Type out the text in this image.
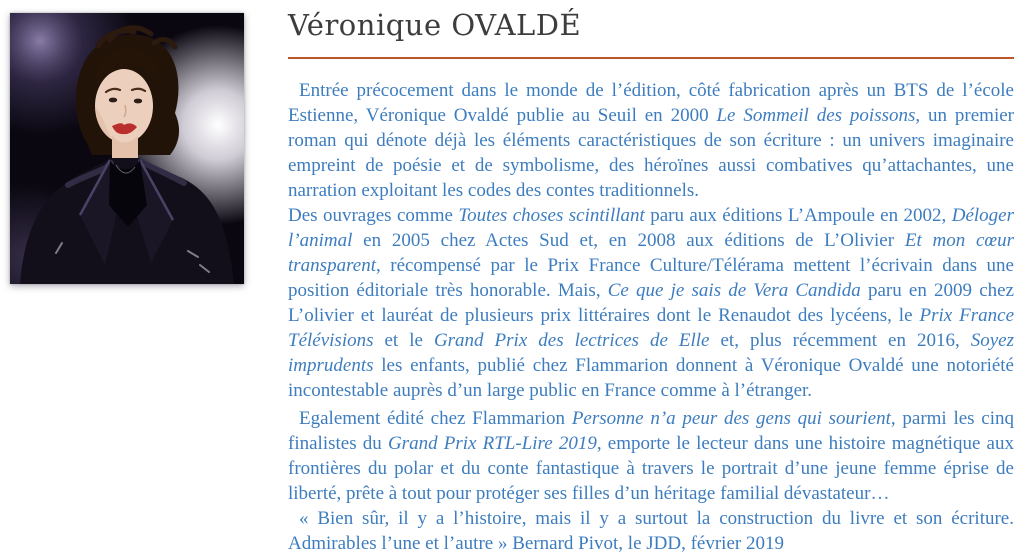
Véronique OVALDÉ

Entrée précocement dans le monde de l’édition, côté fabrication après un BTS de l’école Estienne, Véronique Ovaldé publie au Seuil en 2000 Le Sommeil des poissons, un premier roman qui dénote déjà les éléments caractéristiques de son écriture : un univers imaginaire empreint de poésie et de symbolisme, des héroïnes aussi combatives qu’attachantes, une narration exploitant les codes des contes traditionnels.

Des ouvrages comme Toutes choses scintillant paru aux éditions L’Ampoule en 2002, Déloger l’animal en 2005 chez Actes Sud et, en 2008 aux éditions de L’Olivier Et mon cœur transparent, récompensé par le Prix France Culture/Télérama mettent l’écrivain dans une position éditoriale très honorable. Mais, Ce que je sais de Vera Candida paru en 2009 chez L’olivier et lauréat de plusieurs prix littéraires dont le Renaudot des lycéens, le Prix France Télévisions et le Grand Prix des lectrices de Elle et, plus récemment en 2016, Soyez imprudents les enfants, publié chez Flammarion donnent à Véronique Ovaldé une notoriété incontestable auprès d’un large public en France comme à l’étranger.

Egalement édité chez Flammarion Personne n’a peur des gens qui sourient, parmi les cinq finalistes du Grand Prix RTL-Lire 2019, emporte le lecteur dans une histoire magnétique aux frontières du polar et du conte fantastique à travers le portrait d’une jeune femme éprise de liberté, prête à tout pour protéger ses filles d’un héritage familial dévastateur…

« Bien sûr, il y a l’histoire, mais il y a surtout la construction du livre et son écriture. Admirables l’une et l’autre » Bernard Pivot, le JDD, février 2019
